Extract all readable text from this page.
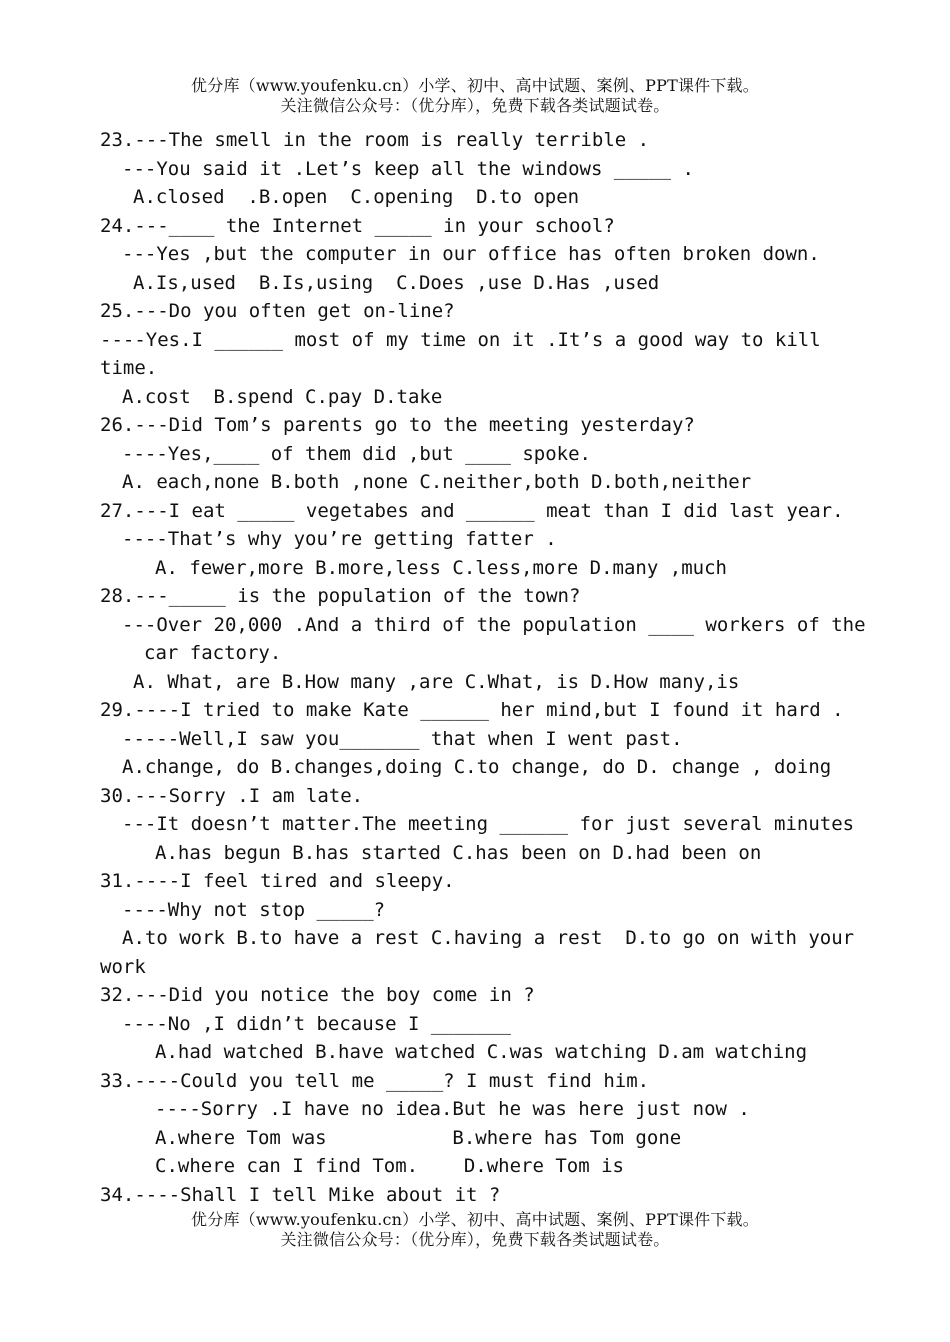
优分库（www.youfenku.cn）小学、初中、高中试题、案例、PPT课件下载。
关注微信公众号：（优分库），免费下载各类试题试卷。
23.---The smell in the room is really terrible .
---You said it .Let’s keep all the windows _____ .
A.closed  .B.open  C.opening  D.to open
24.---____ the Internet _____ in your school?
---Yes ,but the computer in our office has often broken down.
A.Is,used  B.Is,using  C.Does ,use D.Has ,used
25.---Do you often get on-line?
----Yes.I ______ most of my time on it .It’s a good way to kill
time.
A.cost  B.spend C.pay D.take
26.---Did Tom’s parents go to the meeting yesterday?
----Yes,____ of them did ,but ____ spoke.
A. each,none B.both ,none C.neither,both D.both,neither
27.---I eat _____ vegetabes and ______ meat than I did last year.
----That’s why you’re getting fatter .
A. fewer,more B.more,less C.less,more D.many ,much
28.---_____ is the population of the town?
---Over 20,000 .And a third of the population ____ workers of the
car factory.
A. What, are B.How many ,are C.What, is D.How many,is
29.----I tried to make Kate ______ her mind,but I found it hard .
-----Well,I saw you_______ that when I went past.
A.change, do B.changes,doing C.to change, do D. change , doing
30.---Sorry .I am late.
---It doesn’t matter.The meeting ______ for just several minutes
A.has begun B.has started C.has been on D.had been on
31.----I feel tired and sleepy.
----Why not stop _____?
A.to work B.to have a rest C.having a rest  D.to go on with your
work
32.---Did you notice the boy come in ?
----No ,I didn’t because I _______
A.had watched B.have watched C.was watching D.am watching
33.----Could you tell me _____? I must find him.
----Sorry .I have no idea.But he was here just now .
A.where Tom was           B.where has Tom gone
C.where can I find Tom.    D.where Tom is
34.----Shall I tell Mike about it ?
优分库（www.youfenku.cn）小学、初中、高中试题、案例、PPT课件下载。
关注微信公众号：（优分库），免费下载各类试题试卷。
